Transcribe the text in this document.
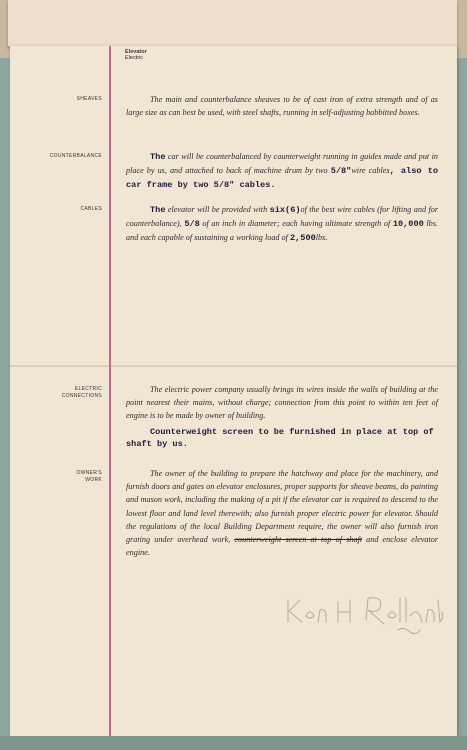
Elevator
Electric
SHEAVES	The main and counterbalance sheaves to be of cast iron of extra strength and of as large size as can best be used, with steel shafts, running in self-adjusting babbitted boxes.
COUNTERBALANCE	The car will be counterbalanced by counterweight running in guides made and put in place by us, and attached to back of machine drum by two 5/8"wire cables, also to car frame by two 5/8" cables.
CABLES	The elevator will be provided with six(6)of the best wire cables (for lifting and for counterbalance), 5/8 of an inch in diameter; each having ultimate strength of 10,000 lbs. and each capable of sustaining a working load of 2,500lbs.
ELECTRIC
CONNECTIONS
The electric power company usually brings its wires inside the walls of building at the point nearest their mains, without charge; connection from this point to within ten feet of engine is to be made by owner of building.
Counterweight screen to be furnished in place at top of shaft by us.
OWNER'S
WORK
The owner of the building to prepare the hatchway and place for the machinery, and furnish doors and gates on elevator enclosures, proper supports for sheave beams, do painting and mason work, including the making of a pit if the elevator car is required to descend to the lowest floor and land level therewith; also furnish proper electric power for elevator. Should the regulations of the local Building Department require, the owner will also furnish iron grating under overhead work, counterweight screen at top of shaft and enclose elevator engine.
